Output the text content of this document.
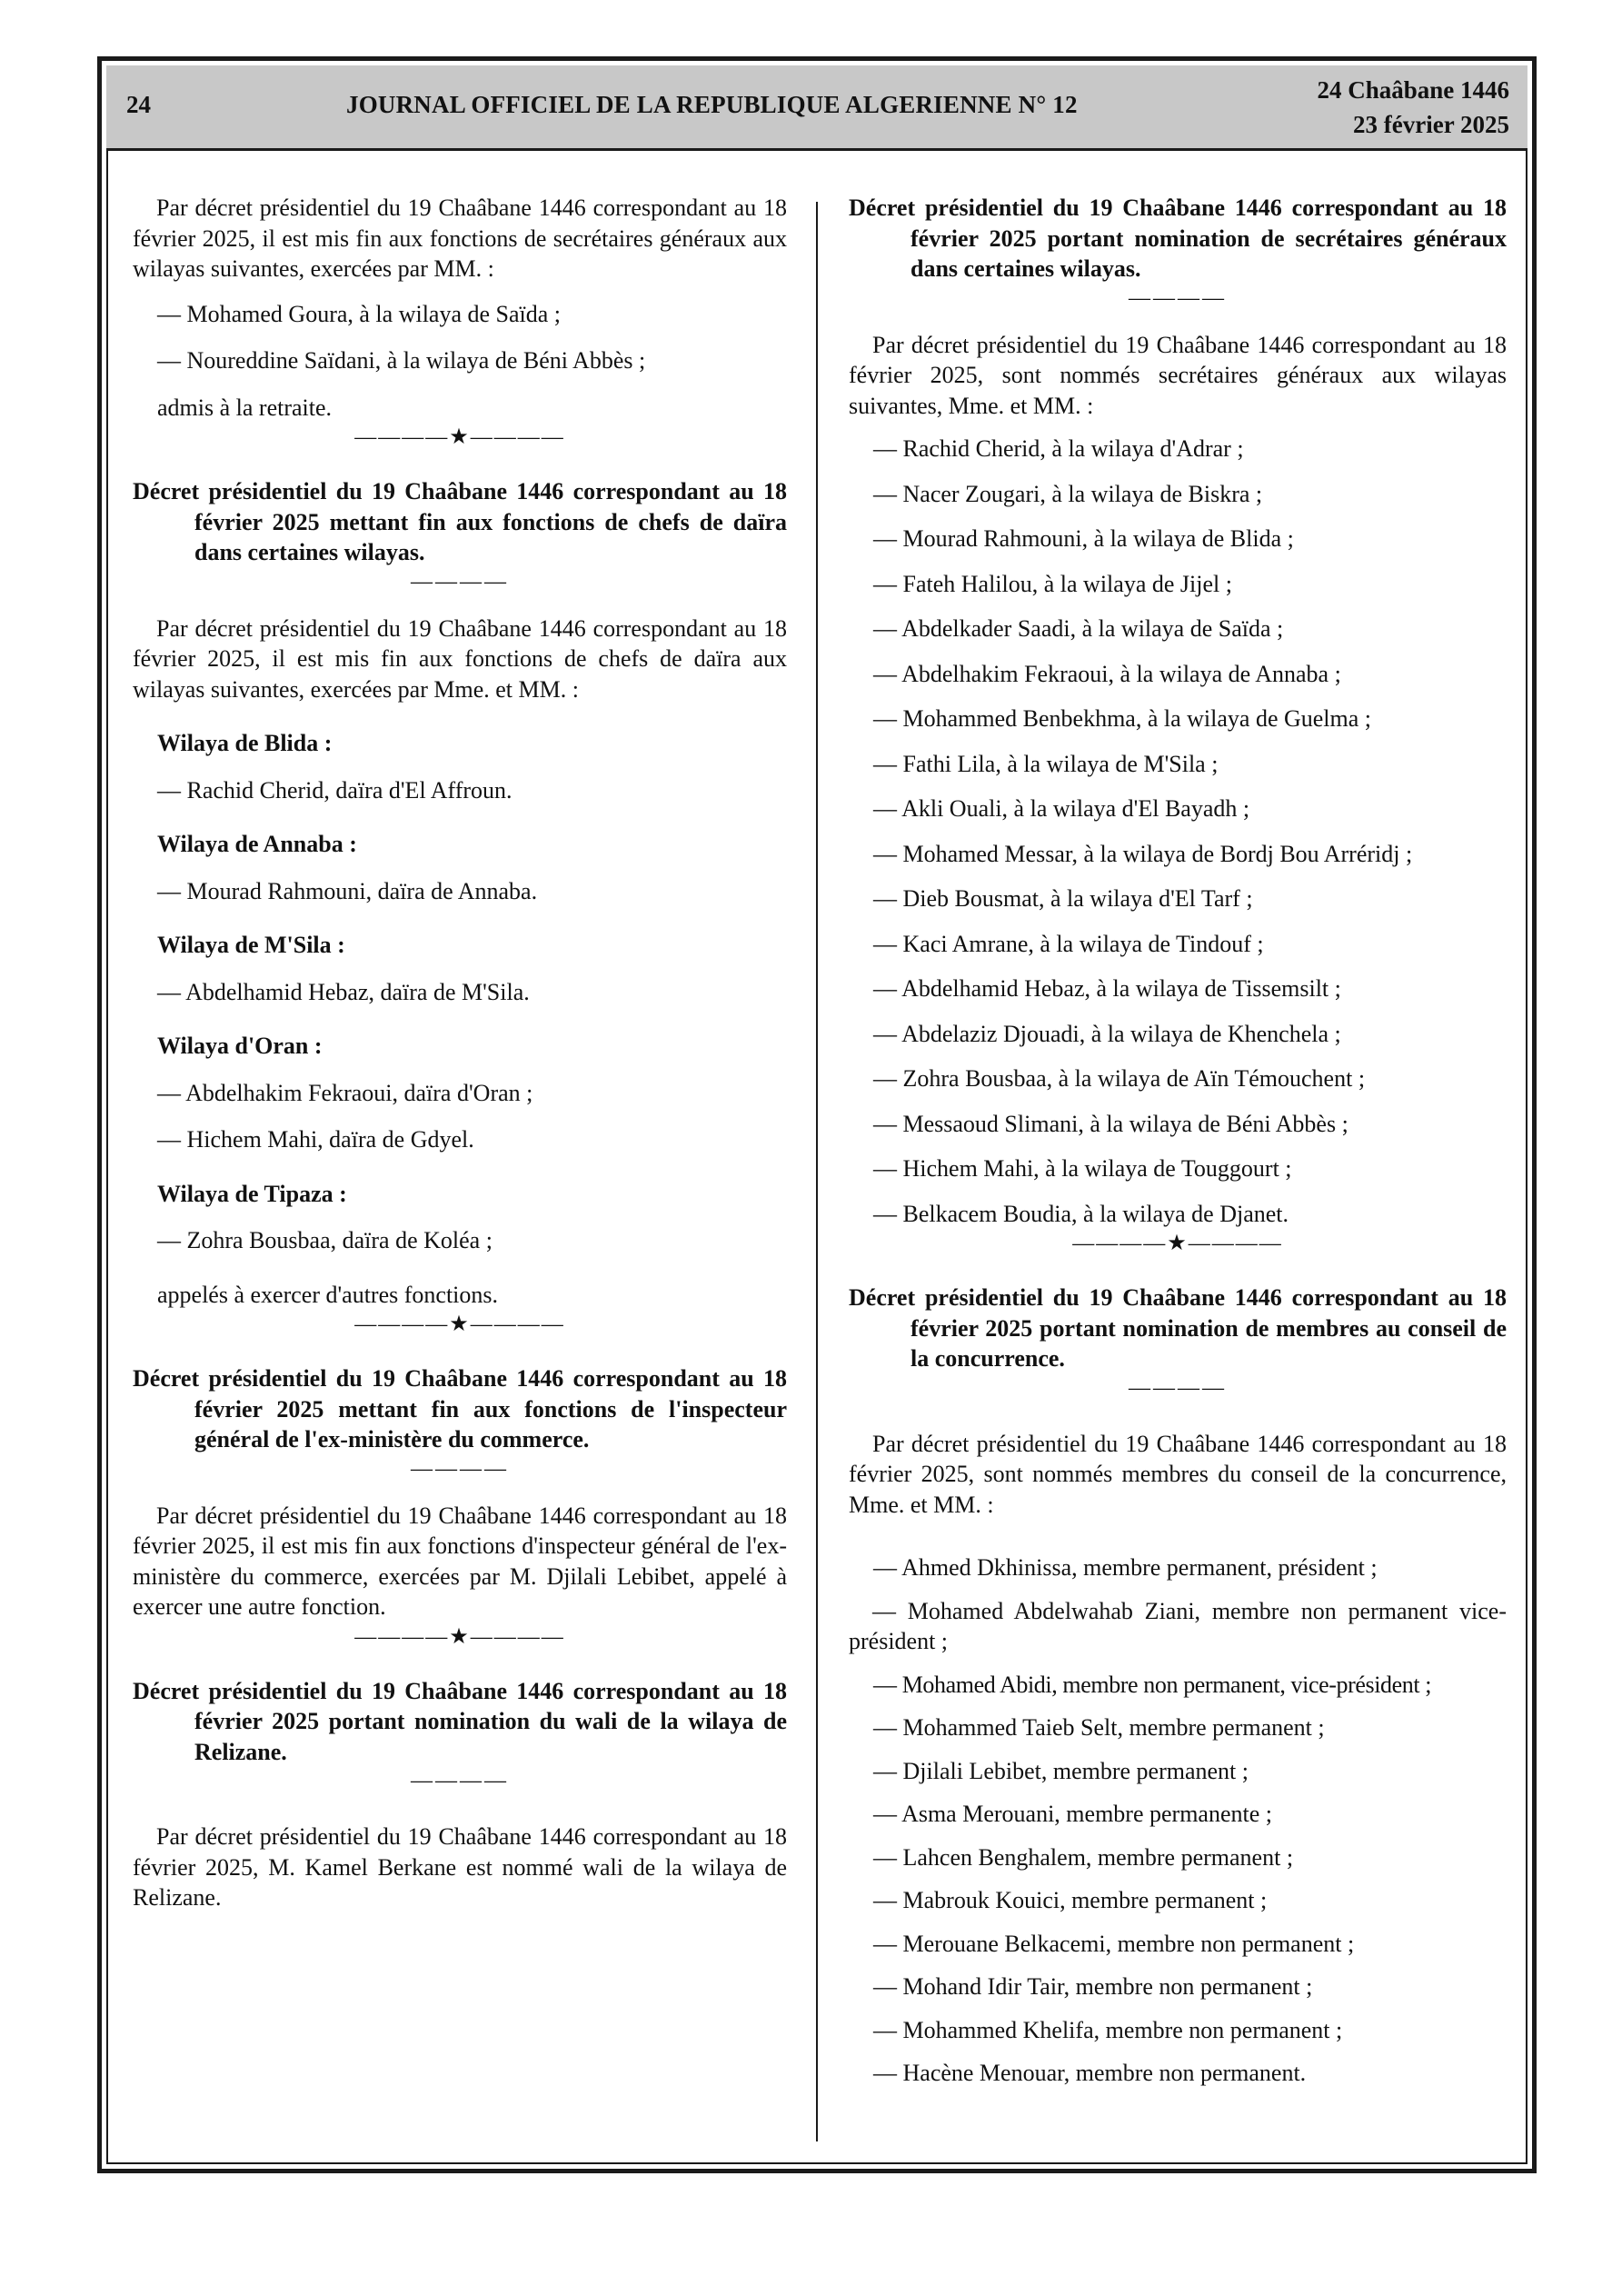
24	JOURNAL OFFICIEL DE LA REPUBLIQUE ALGERIENNE N° 12
24 Chaâbane 1446
23 février 2025

Par décret présidentiel du 19 Chaâbane 1446 correspondant au 18 février 2025, il est mis fin aux fonctions de secrétaires généraux aux wilayas suivantes, exercées par MM. :

— Mohamed Goura, à la wilaya de Saïda ;

— Noureddine Saïdani, à la wilaya de Béni Abbès ;

admis à la retraite.

————★————

Décret présidentiel du 19 Chaâbane 1446 correspondant au 18 février 2025 mettant fin aux fonctions de chefs de daïra dans certaines wilayas.

————

Par décret présidentiel du 19 Chaâbane 1446 correspondant au 18 février 2025, il est mis fin aux fonctions de chefs de daïra aux wilayas suivantes, exercées par Mme. et MM. :

Wilaya de Blida :

— Rachid Cherid, daïra d'El Affroun.

Wilaya de Annaba :

— Mourad Rahmouni, daïra de Annaba.

Wilaya de M'Sila :

— Abdelhamid Hebaz, daïra de M'Sila.

Wilaya d'Oran :

— Abdelhakim Fekraoui, daïra d'Oran ;

— Hichem Mahi, daïra de Gdyel.

Wilaya de Tipaza :

— Zohra Bousbaa, daïra de Koléa ;

appelés à exercer d'autres fonctions.

————★————

Décret présidentiel du 19 Chaâbane 1446 correspondant au 18 février 2025 mettant fin aux fonctions de l'inspecteur général de l'ex-ministère du commerce.

————

Par décret présidentiel du 19 Chaâbane 1446 correspondant au 18 février 2025, il est mis fin aux fonctions d'inspecteur général de l'ex-ministère du commerce, exercées par M. Djilali Lebibet, appelé à exercer une autre fonction.

————★————

Décret présidentiel du 19 Chaâbane 1446 correspondant au 18 février 2025 portant nomination du wali de la wilaya de Relizane.

————

Par décret présidentiel du 19 Chaâbane 1446 correspondant au 18 février 2025, M. Kamel Berkane est nommé wali de la wilaya de Relizane.

Décret présidentiel du 19 Chaâbane 1446 correspondant au 18 février 2025 portant nomination de secrétaires généraux dans certaines wilayas.

————

Par décret présidentiel du 19 Chaâbane 1446 correspondant au 18 février 2025, sont nommés secrétaires généraux aux wilayas suivantes, Mme. et MM. :

— Rachid Cherid, à la wilaya d'Adrar ;

— Nacer Zougari, à la wilaya de Biskra ;

— Mourad Rahmouni, à la wilaya de Blida ;

— Fateh Halilou, à la wilaya de Jijel ;

— Abdelkader Saadi, à la wilaya de Saïda ;

— Abdelhakim Fekraoui, à la wilaya de Annaba ;

— Mohammed Benbekhma, à la wilaya de Guelma ;

— Fathi Lila, à la wilaya de M'Sila ;

— Akli Ouali, à la wilaya d'El Bayadh ;

— Mohamed Messar, à la wilaya de Bordj Bou Arréridj ;

— Dieb Bousmat, à la wilaya d'El Tarf ;

— Kaci Amrane, à la wilaya de Tindouf ;

— Abdelhamid Hebaz, à la wilaya de Tissemsilt ;

— Abdelaziz Djouadi, à la wilaya de Khenchela ;

— Zohra Bousbaa, à la wilaya de Aïn Témouchent ;

— Messaoud Slimani, à la wilaya de Béni Abbès ;

— Hichem Mahi, à la wilaya de Touggourt ;

— Belkacem Boudia, à la wilaya de Djanet.

————★————

Décret présidentiel du 19 Chaâbane 1446 correspondant au 18 février 2025 portant nomination de membres au conseil de la concurrence.

————

Par décret présidentiel du 19 Chaâbane 1446 correspondant au 18 février 2025, sont nommés membres du conseil de la concurrence, Mme. et MM. :

— Ahmed Dkhinissa, membre permanent, président ;

— Mohamed Abdelwahab Ziani, membre non permanent vice-président ;

— Mohamed Abidi, membre non permanent, vice-président ;

— Mohammed Taieb Selt, membre permanent ;

— Djilali Lebibet, membre permanent ;

— Asma Merouani, membre permanente ;

— Lahcen Benghalem, membre permanent ;

— Mabrouk Kouici, membre permanent ;

— Merouane Belkacemi, membre non permanent ;

— Mohand Idir Tair, membre non permanent ;

— Mohammed Khelifa, membre non permanent ;

— Hacène Menouar, membre non permanent.
